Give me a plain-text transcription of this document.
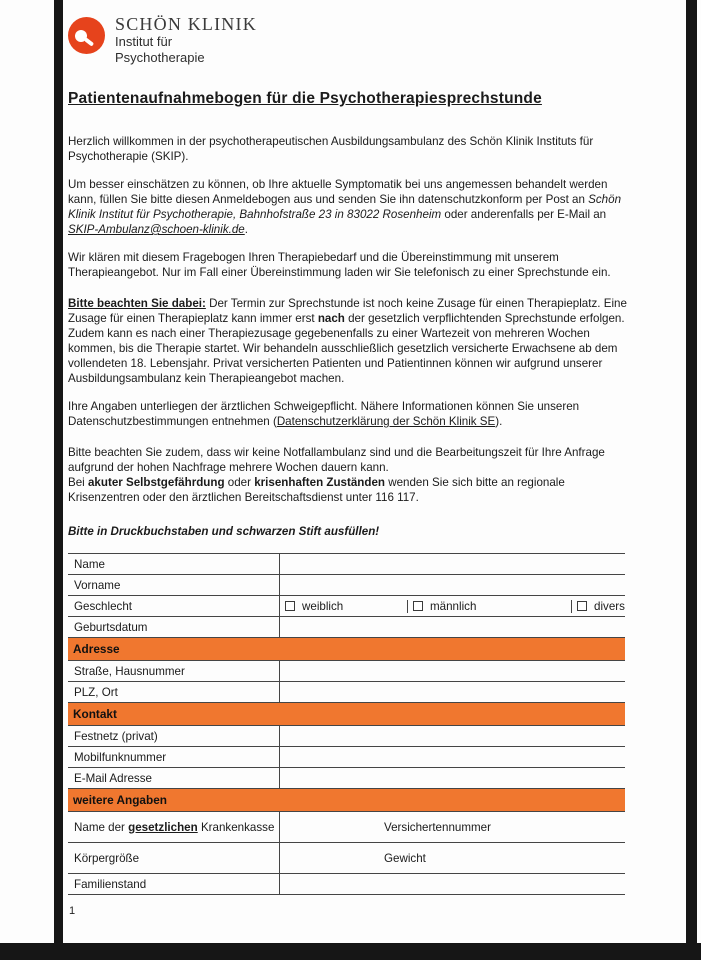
SCHÖN KLINIK
Institut für
Psychotherapie
Patientenaufnahmebogen für die Psychotherapiesprechstunde

Herzlich willkommen in der psychotherapeutischen Ausbildungsambulanz des Schön Klinik Instituts für Psychotherapie (SKIP).

Um besser einschätzen zu können, ob Ihre aktuelle Symptomatik bei uns angemessen behandelt werden kann, füllen Sie bitte diesen Anmeldebogen aus und senden Sie ihn datenschutzkonform per Post an Schön Klinik Institut für Psychotherapie, Bahnhofstraße 23 in 83022 Rosenheim oder anderenfalls per E-Mail an SKIP-Ambulanz@schoen-klinik.de.

Wir klären mit diesem Fragebogen Ihren Therapiebedarf und die Übereinstimmung mit unserem Therapieangebot. Nur im Fall einer Übereinstimmung laden wir Sie telefonisch zu einer Sprechstunde ein.

Bitte beachten Sie dabei: Der Termin zur Sprechstunde ist noch keine Zusage für einen Therapieplatz. Eine Zusage für einen Therapieplatz kann immer erst nach der gesetzlich verpflichtenden Sprechstunde erfolgen. Zudem kann es nach einer Therapiezusage gegebenenfalls zu einer Wartezeit von mehreren Wochen kommen, bis die Therapie startet. Wir behandeln ausschließlich gesetzlich versicherte Erwachsene ab dem vollendeten 18. Lebensjahr. Privat versicherten Patienten und Patientinnen können wir aufgrund unserer Ausbildungsambulanz kein Therapieangebot machen.

Ihre Angaben unterliegen der ärztlichen Schweigepflicht. Nähere Informationen können Sie unseren Datenschutzbestimmungen entnehmen (Datenschutzerklärung der Schön Klinik SE).

Bitte beachten Sie zudem, dass wir keine Notfallambulanz sind und die Bearbeitungszeit für Ihre Anfrage aufgrund der hohen Nachfrage mehrere Wochen dauern kann.
Bei akuter Selbstgefährdung oder krisenhaften Zuständen wenden Sie sich bitte an regionale Krisenzentren oder den ärztlichen Bereitschaftsdienst unter 116 117.

Bitte in Druckbuchstaben und schwarzen Stift ausfüllen!

Name
Vorname
Geschlecht	weiblich	männlich	divers
Geburtsdatum
Adresse
Straße, Hausnummer
PLZ, Ort
Kontakt
Festnetz (privat)
Mobilfunknummer
E-Mail Adresse
weitere Angaben
Name der gesetzlichen Krankenkasse	Versichertennummer
Körpergröße	Gewicht
Familienstand
1
